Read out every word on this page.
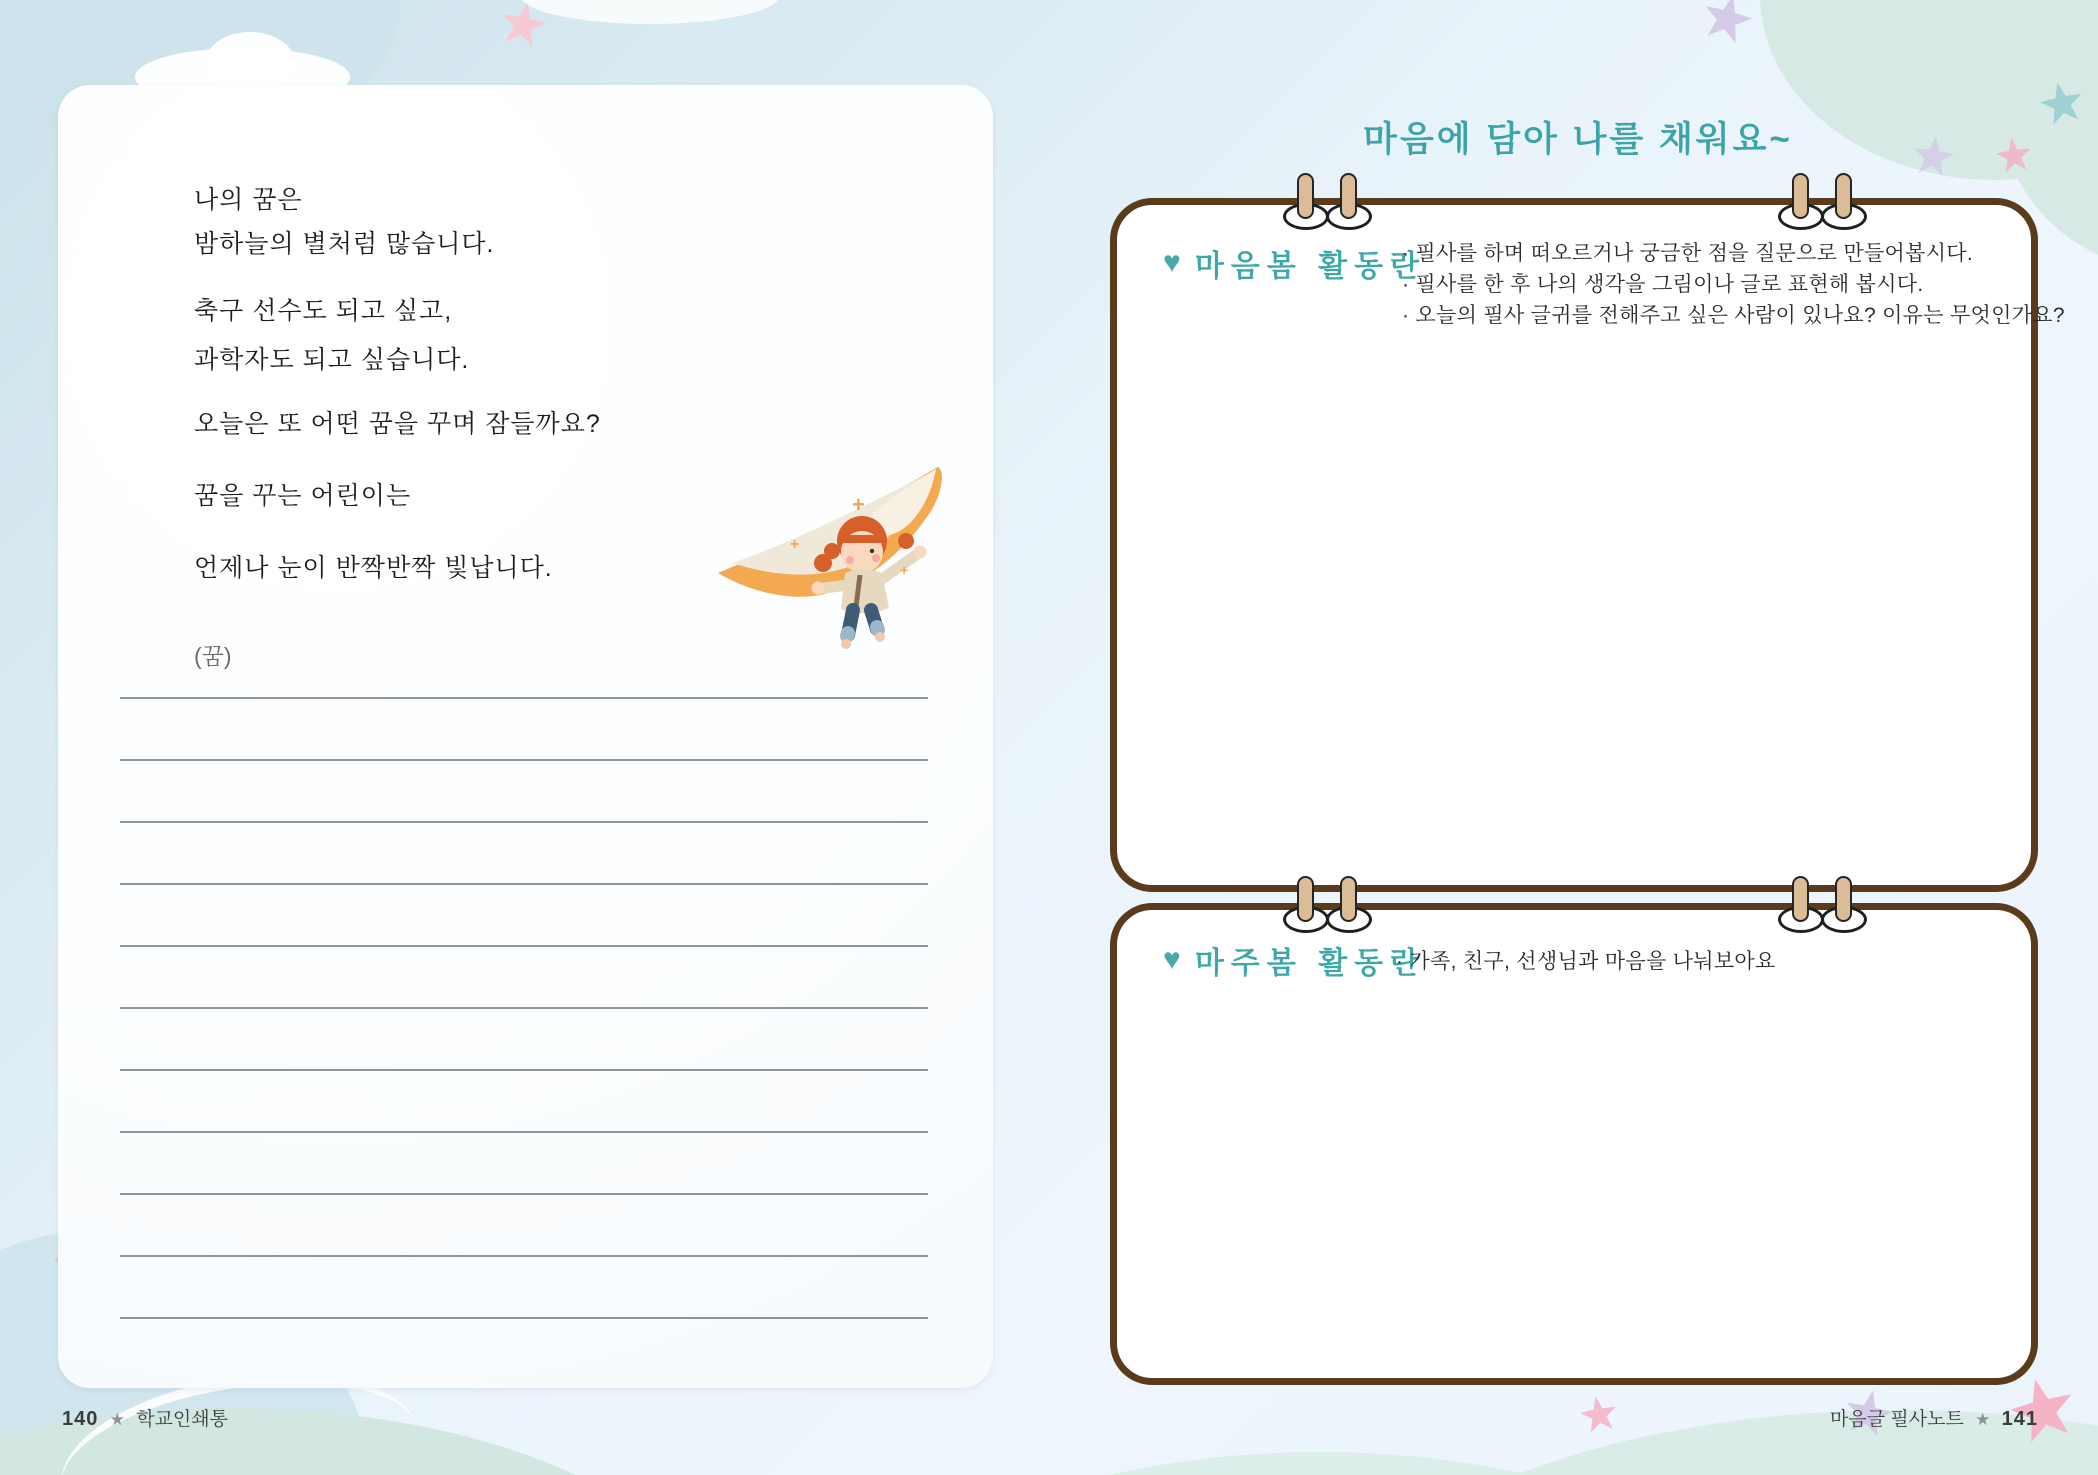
나의 꿈은
밤하늘의 별처럼 많습니다.
축구 선수도 되고 싶고,
과학자도 되고 싶습니다.
오늘은 또 어떤 꿈을 꾸며 잠들까요?
꿈을 꾸는 어린이는
언제나 눈이 반짝반짝 빛납니다.
(꿈)
+
+
+
마음에 담아 나를 채워요~
♥ 마음봄 활동란
· 필사를 하며 떠오르거나 궁금한 점을 질문으로 만들어봅시다.
· 필사를 한 후 나의 생각을 그림이나 글로 표현해 봅시다.
· 오늘의 필사 글귀를 전해주고 싶은 사람이 있나요? 이유는 무엇인가요?
♥ 마주봄 활동란
· 가족, 친구, 선생님과 마음을 나눠보아요
140 ★ 학교인쇄통	마음글 필사노트 ★ 141
